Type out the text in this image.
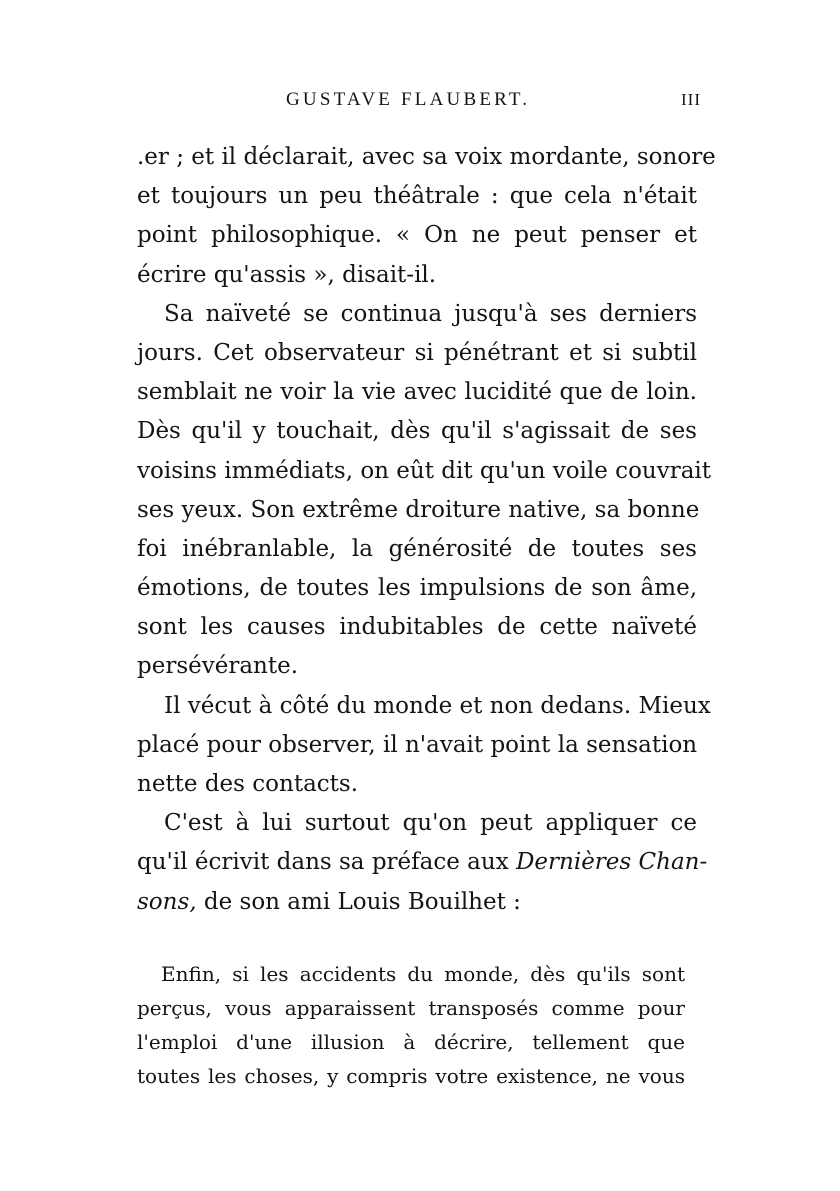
GUSTAVE FLAUBERT.	III
.er ; et il déclarait, avec sa voix mordante, sonore
et toujours un peu théâtrale : que cela n'était
point philosophique. « On ne peut penser et
écrire qu'assis », disait-il.
Sa naïveté se continua jusqu'à ses derniers
jours. Cet observateur si pénétrant et si subtil
semblait ne voir la vie avec lucidité que de loin.
Dès qu'il y touchait, dès qu'il s'agissait de ses
voisins immédiats, on eût dit qu'un voile couvrait
ses yeux. Son extrême droiture native, sa bonne
foi inébranlable, la générosité de toutes ses
émotions, de toutes les impulsions de son âme,
sont les causes indubitables de cette naïveté
persévérante.
Il vécut à côté du monde et non dedans. Mieux
placé pour observer, il n'avait point la sensation
nette des contacts.
C'est à lui surtout qu'on peut appliquer ce
qu'il écrivit dans sa préface aux Dernières Chan-
sons, de son ami Louis Bouilhet :
Enfin, si les accidents du monde, dès qu'ils sont
perçus, vous apparaissent transposés comme pour
l'emploi d'une illusion à décrire, tellement que
toutes les choses, y compris votre existence, ne vous
